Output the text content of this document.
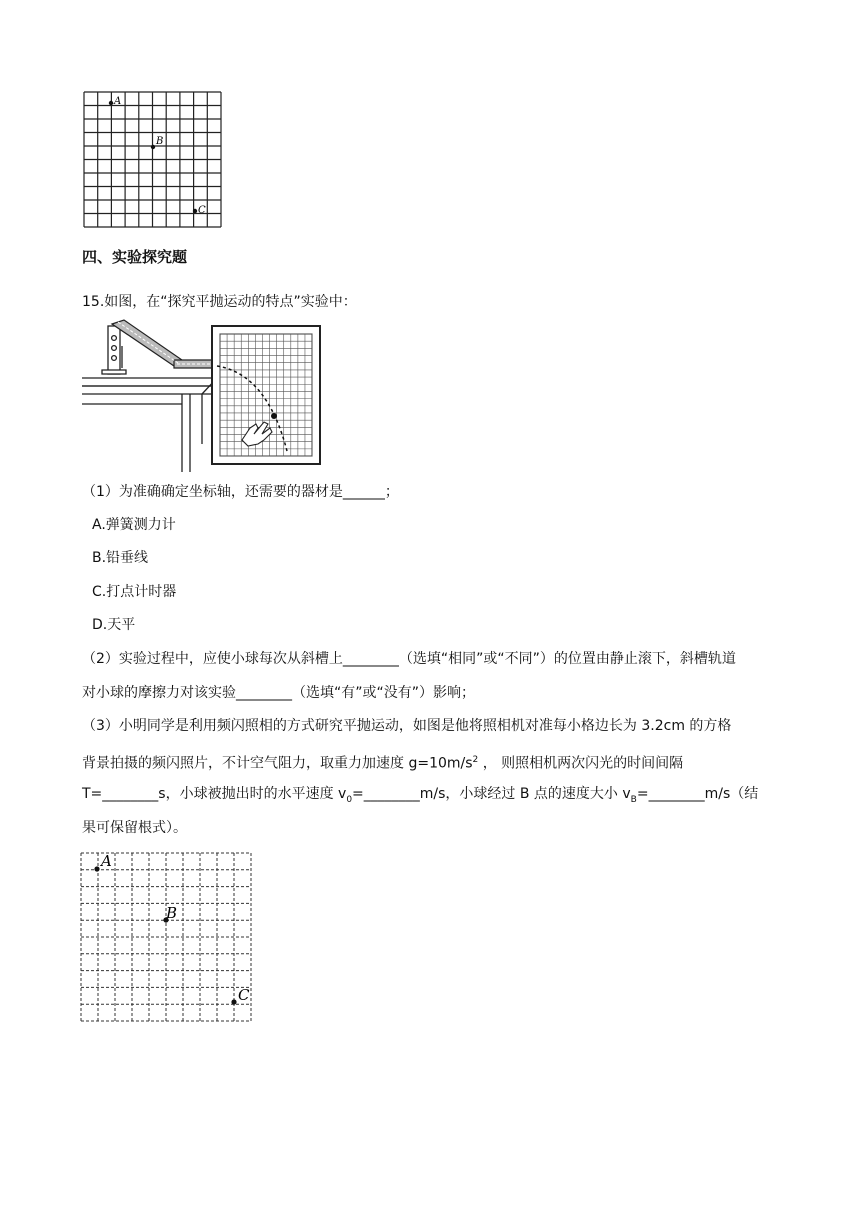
A
B
C
四、实验探究题
15.如图，在“探究平抛运动的特点”实验中：
（1）为准确确定坐标轴，还需要的器材是______；
A.弹簧测力计
B.铅垂线
C.打点计时器
D.天平
（2）实验过程中，应使小球每次从斜槽上________（选填“相同”或“不同”）的位置由静止滚下，斜槽轨道
对小球的摩擦力对该实验________（选填“有”或“没有”）影响；
（3）小明同学是利用频闪照相的方式研究平抛运动，如图是他将照相机对准每小格边长为 3.2cm 的方格
背景拍摄的频闪照片，不计空气阻力，取重力加速度 $g=10m/s^2$ ， 则照相机两次闪光的时间间隔
T=________s，小球被抛出时的水平速度 $v_0=\_\_\_\_\_\_\_\_m/s$，小球经过 B 点的速度大小 $v_B=\_\_\_\_\_\_\_\_m/s$（结
果可保留根式）。
A
B
C
